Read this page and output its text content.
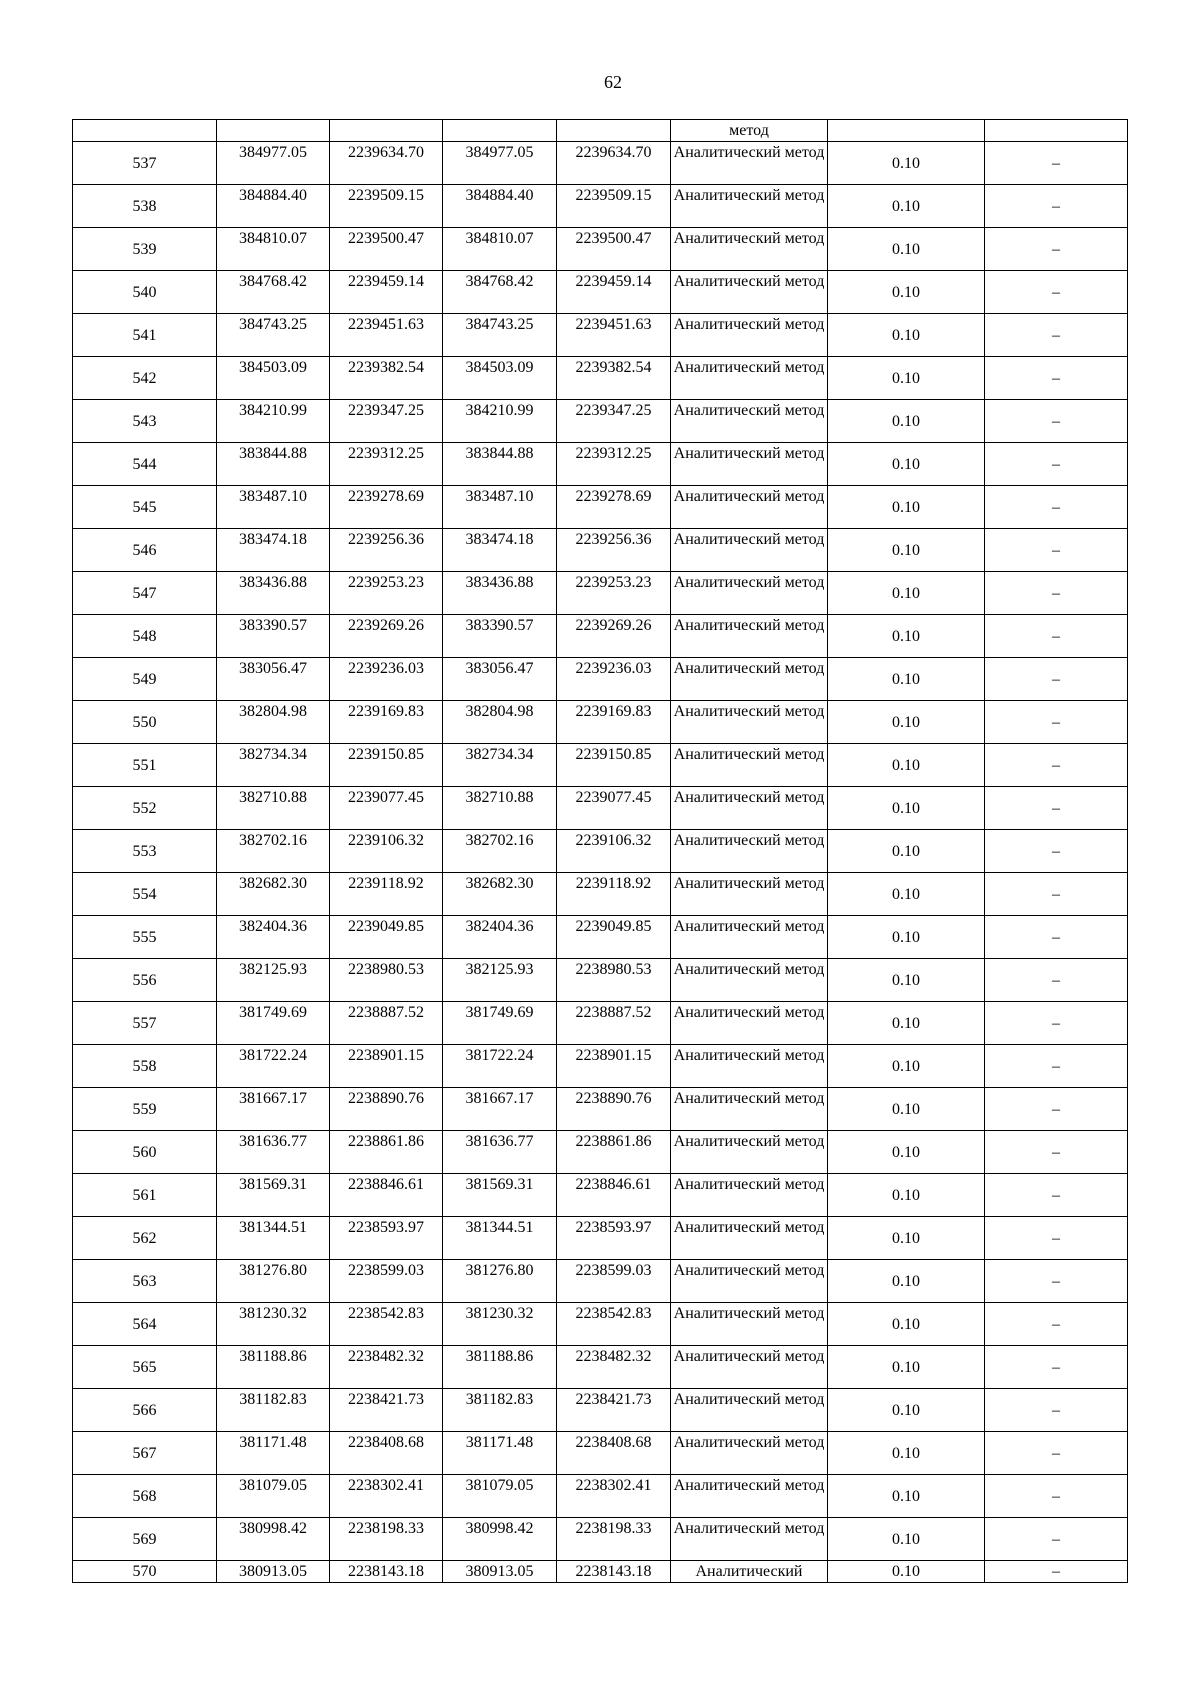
62
					метод		
537	384977.05	2239634.70	384977.05	2239634.70	Аналитический метод	0.10	–
538	384884.40	2239509.15	384884.40	2239509.15	Аналитический метод	0.10	–
539	384810.07	2239500.47	384810.07	2239500.47	Аналитический метод	0.10	–
540	384768.42	2239459.14	384768.42	2239459.14	Аналитический метод	0.10	–
541	384743.25	2239451.63	384743.25	2239451.63	Аналитический метод	0.10	–
542	384503.09	2239382.54	384503.09	2239382.54	Аналитический метод	0.10	–
543	384210.99	2239347.25	384210.99	2239347.25	Аналитический метод	0.10	–
544	383844.88	2239312.25	383844.88	2239312.25	Аналитический метод	0.10	–
545	383487.10	2239278.69	383487.10	2239278.69	Аналитический метод	0.10	–
546	383474.18	2239256.36	383474.18	2239256.36	Аналитический метод	0.10	–
547	383436.88	2239253.23	383436.88	2239253.23	Аналитический метод	0.10	–
548	383390.57	2239269.26	383390.57	2239269.26	Аналитический метод	0.10	–
549	383056.47	2239236.03	383056.47	2239236.03	Аналитический метод	0.10	–
550	382804.98	2239169.83	382804.98	2239169.83	Аналитический метод	0.10	–
551	382734.34	2239150.85	382734.34	2239150.85	Аналитический метод	0.10	–
552	382710.88	2239077.45	382710.88	2239077.45	Аналитический метод	0.10	–
553	382702.16	2239106.32	382702.16	2239106.32	Аналитический метод	0.10	–
554	382682.30	2239118.92	382682.30	2239118.92	Аналитический метод	0.10	–
555	382404.36	2239049.85	382404.36	2239049.85	Аналитический метод	0.10	–
556	382125.93	2238980.53	382125.93	2238980.53	Аналитический метод	0.10	–
557	381749.69	2238887.52	381749.69	2238887.52	Аналитический метод	0.10	–
558	381722.24	2238901.15	381722.24	2238901.15	Аналитический метод	0.10	–
559	381667.17	2238890.76	381667.17	2238890.76	Аналитический метод	0.10	–
560	381636.77	2238861.86	381636.77	2238861.86	Аналитический метод	0.10	–
561	381569.31	2238846.61	381569.31	2238846.61	Аналитический метод	0.10	–
562	381344.51	2238593.97	381344.51	2238593.97	Аналитический метод	0.10	–
563	381276.80	2238599.03	381276.80	2238599.03	Аналитический метод	0.10	–
564	381230.32	2238542.83	381230.32	2238542.83	Аналитический метод	0.10	–
565	381188.86	2238482.32	381188.86	2238482.32	Аналитический метод	0.10	–
566	381182.83	2238421.73	381182.83	2238421.73	Аналитический метод	0.10	–
567	381171.48	2238408.68	381171.48	2238408.68	Аналитический метод	0.10	–
568	381079.05	2238302.41	381079.05	2238302.41	Аналитический метод	0.10	–
569	380998.42	2238198.33	380998.42	2238198.33	Аналитический метод	0.10	–
570	380913.05	2238143.18	380913.05	2238143.18	Аналитический	0.10	–
